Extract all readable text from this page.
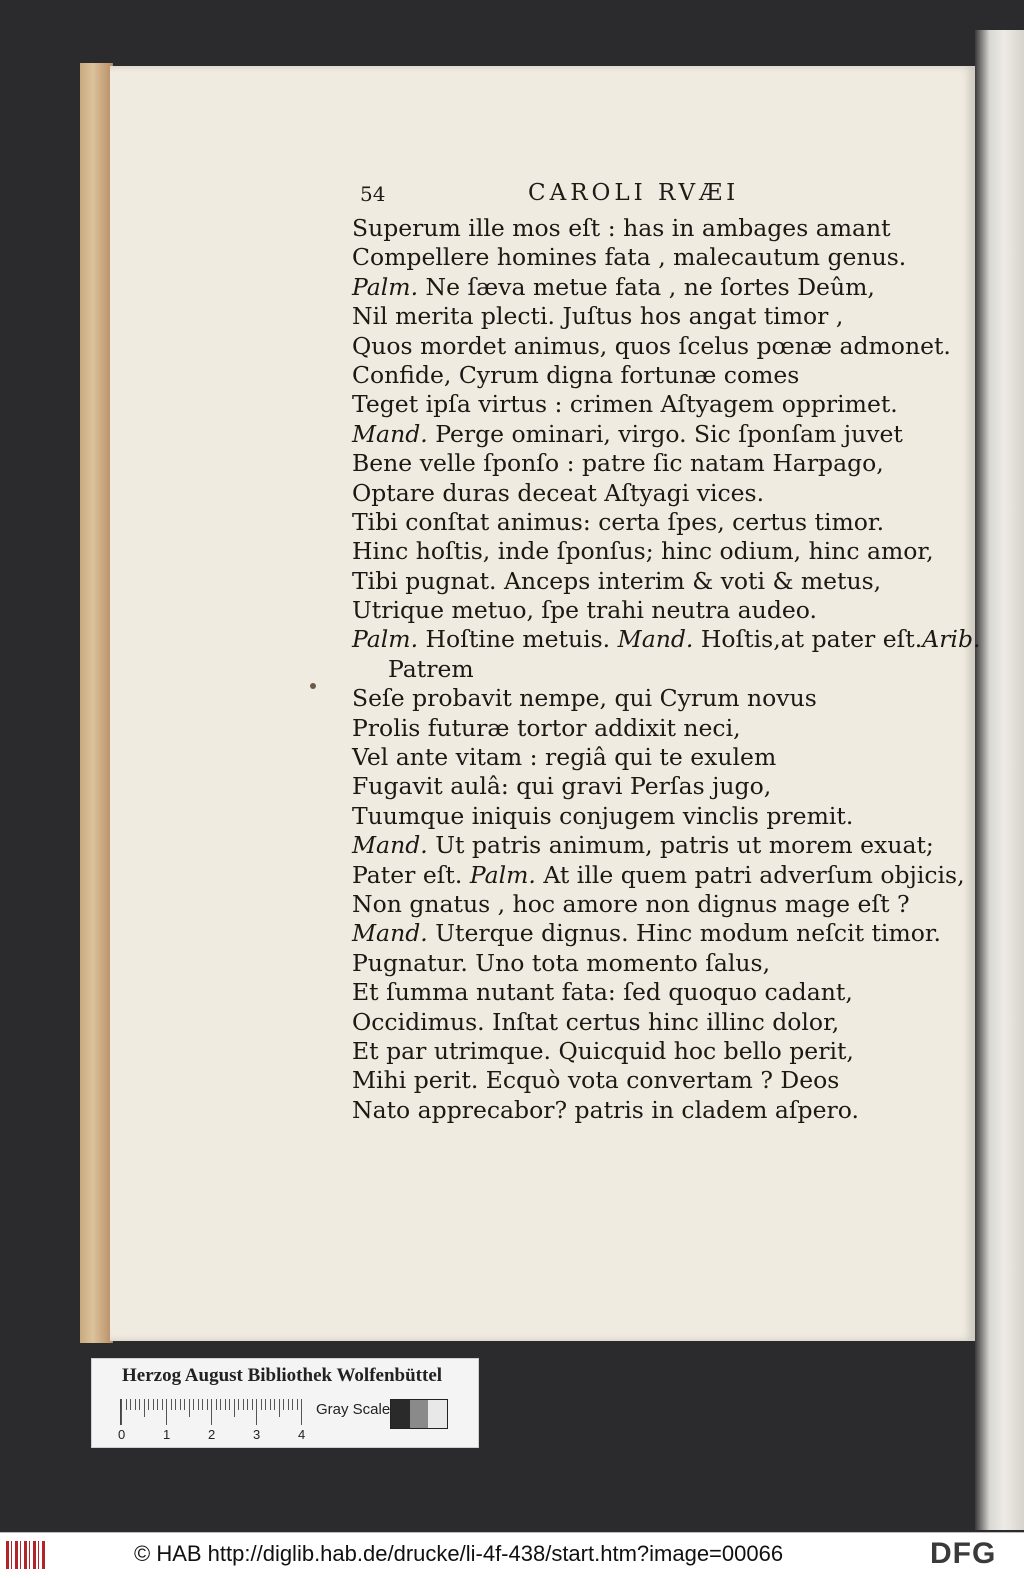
54	CAROLI RVÆI
Superum ille mos eſt : has in ambages amant
Compellere homines fata , malecautum genus.
Palm. Ne ſæva metue fata , ne ſortes Deûm,
Nil merita plecti. Juſtus hos angat timor ,
Quos mordet animus, quos ſcelus pœnæ admonet.
Confide, Cyrum digna fortunæ comes
Teget ipſa virtus : crimen Aſtyagem opprimet.
Mand. Perge ominari, virgo. Sic ſponſam juvet
Bene velle ſponſo : patre ſic natam Harpago,
Optare duras deceat Aſtyagi vices.
Tibi conſtat animus: certa ſpes, certus timor.
Hinc hoſtis, inde ſponſus; hinc odium, hinc amor,
Tibi pugnat. Anceps interim & voti & metus,
Utrique metuo, ſpe trahi neutra audeo.
Palm. Hoſtine metuis. Mand. Hoſtis,at pater eſt.Arib.
Patrem
Seſe probavit nempe, qui Cyrum novus
Prolis futuræ tortor addixit neci,
Vel ante vitam : regiâ qui te exulem
Fugavit aulâ: qui gravi Perſas jugo,
Tuumque iniquis conjugem vinclis premit.
Mand. Ut patris animum, patris ut morem exuat;
Pater eſt. Palm. At ille quem patri adverſum objicis,
Non gnatus , hoc amore non dignus mage eſt ?
Mand. Uterque dignus. Hinc modum neſcit timor.
Pugnatur. Uno tota momento ſalus,
Et ſumma nutant fata: ſed quoquo cadant,
Occidimus. Inſtat certus hinc illinc dolor,
Et par utrimque. Quicquid hoc bello perit,
Mihi perit. Ecquò vota convertam ? Deos
Nato apprecabor? patris in cladem aſpero.
Herzog August Bibliothek Wolfenbüttel
0	1	2	3	4
Gray Scale
© HAB http://diglib.hab.de/drucke/li-4f-438/start.htm?image=00066	DFG
